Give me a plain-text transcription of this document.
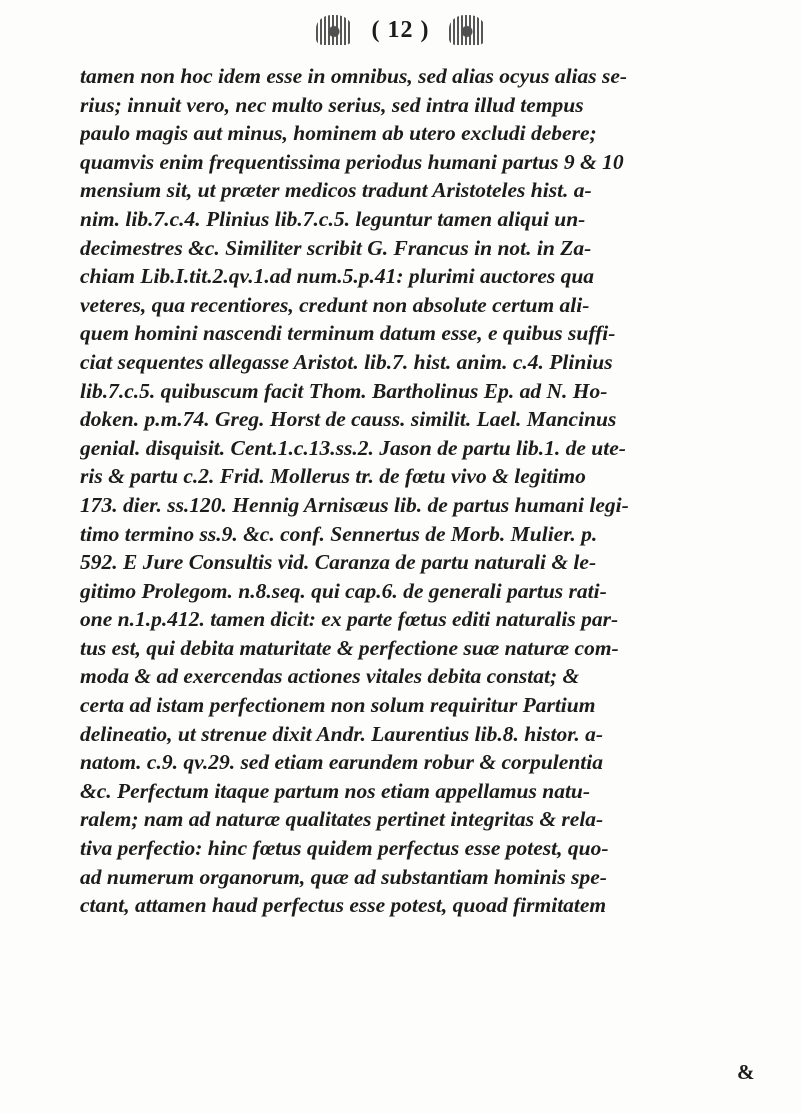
( 12 )
tamen non hoc idem esse in omnibus, sed alias ocyus alias se-
rius; innuit vero, nec multo serius, sed intra illud tempus
paulo magis aut minus, hominem ab utero excludi debere;
quamvis enim frequentissima periodus humani partus 9 & 10
mensium sit, ut præter medicos tradunt Aristoteles hist. a-
nim. lib.7.c.4. Plinius lib.7.c.5. leguntur tamen aliqui un-
decimestres &c. Similiter scribit G. Francus in not. in Za-
chiam Lib.I.tit.2.qv.1.ad num.5.p.41: plurimi auctores qua
veteres, qua recentiores, credunt non absolute certum ali-
quem homini nascendi terminum datum esse, e quibus suffi-
ciat sequentes allegasse Aristot. lib.7. hist. anim. c.4. Plinius
lib.7.c.5. quibuscum facit Thom. Bartholinus Ep. ad N. Ho-
doken. p.m.74. Greg. Horst de causs. similit. Lael. Mancinus
genial. disquisit. Cent.1.c.13.ss.2. Jason de partu lib.1. de ute-
ris & partu c.2. Frid. Mollerus tr. de fœtu vivo & legitimo
173. dier. ss.120. Hennig Arnisæus lib. de partus humani legi-
timo termino ss.9. &c. conf. Sennertus de Morb. Mulier. p.
592. E Jure Consultis vid. Caranza de partu naturali & le-
gitimo Prolegom. n.8.seq. qui cap.6. de generali partus rati-
one n.1.p.412. tamen dicit: ex parte fœtus editi naturalis par-
tus est, qui debita maturitate & perfectione suæ naturæ com-
moda & ad exercendas actiones vitales debita constat; &
certa ad istam perfectionem non solum requiritur Partium
delineatio, ut strenue dixit Andr. Laurentius lib.8. histor. a-
natom. c.9. qv.29. sed etiam earundem robur & corpulentia
&c. Perfectum itaque partum nos etiam appellamus natu-
ralem; nam ad naturæ qualitates pertinet integritas & rela-
tiva perfectio: hinc fœtus quidem perfectus esse potest, quo-
ad numerum organorum, quæ ad substantiam hominis spe-
ctant, attamen haud perfectus esse potest, quoad firmitatem
&
